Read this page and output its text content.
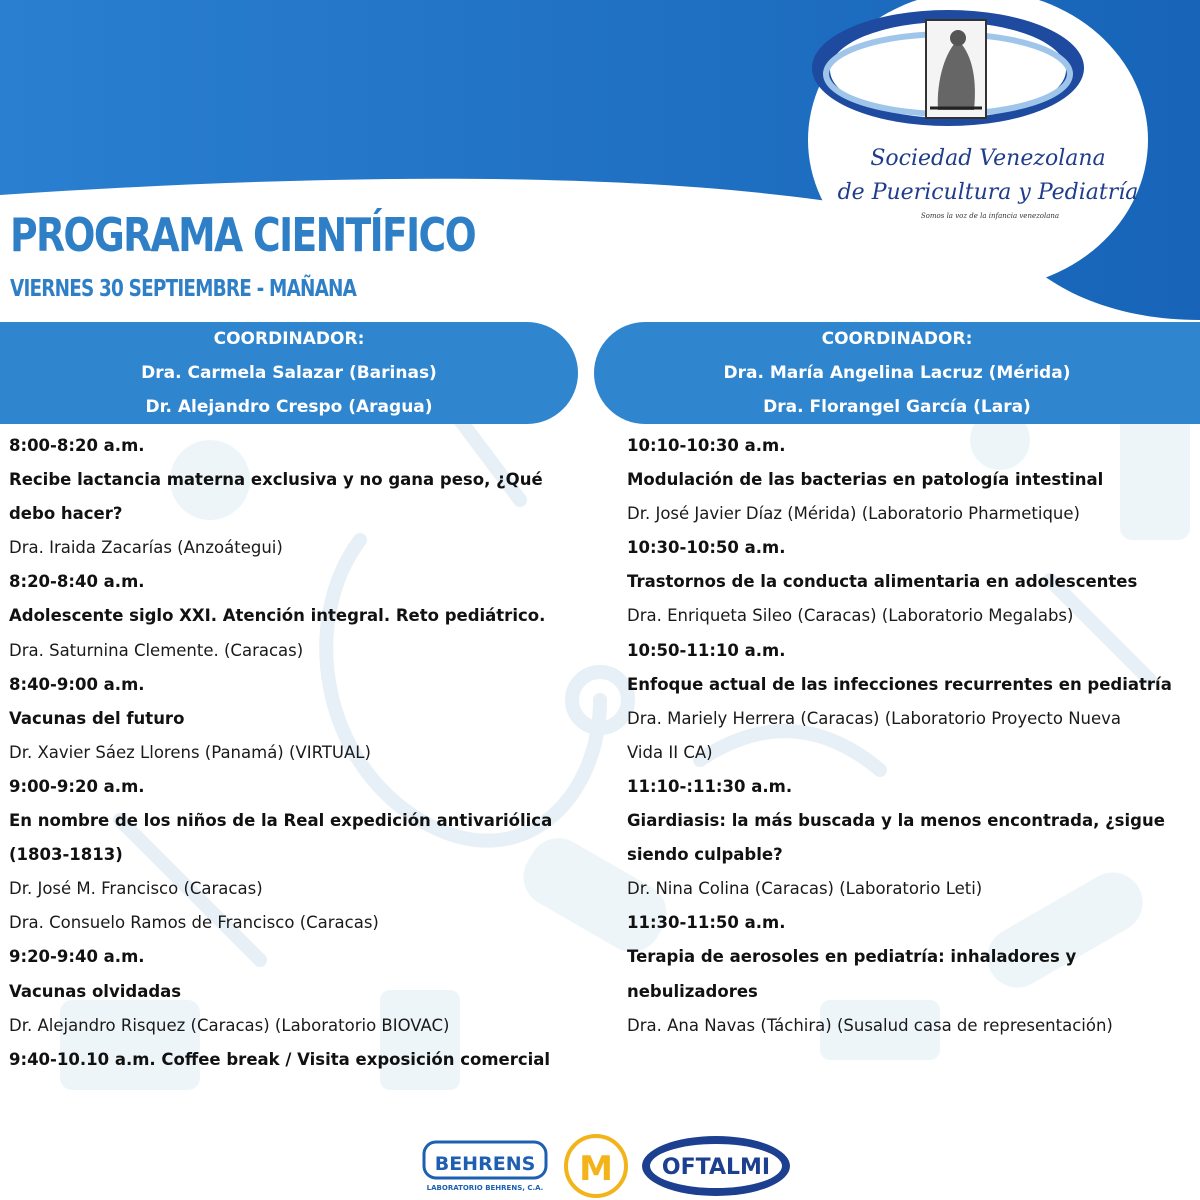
Sociedad Venezolana
de Puericultura y Pediatría
Somos la voz de la infancia venezolana
PROGRAMA CIENTÍFICO
VIERNES 30 SEPTIEMBRE - MAÑANA
COORDINADOR:
Dra. Carmela Salazar (Barinas)
Dr. Alejandro Crespo (Aragua)
COORDINADOR:
Dra. María Angelina Lacruz (Mérida)
Dra. Florangel García (Lara)
8:00-8:20 a.m.
Recibe lactancia materna exclusiva y no gana peso, ¿Qué
debo hacer?
Dra. Iraida Zacarías (Anzoátegui)
8:20-8:40 a.m.
Adolescente siglo XXI. Atención integral. Reto pediátrico.
Dra. Saturnina Clemente. (Caracas)
8:40-9:00 a.m.
Vacunas del futuro
Dr. Xavier Sáez Llorens (Panamá) (VIRTUAL)
9:00-9:20 a.m.
En nombre de los niños de la Real expedición antivariólica
(1803-1813)
Dr. José M. Francisco (Caracas)
Dra. Consuelo Ramos de Francisco (Caracas)
9:20-9:40 a.m.
Vacunas olvidadas
Dr. Alejandro Risquez (Caracas) (Laboratorio BIOVAC)
9:40-10.10 a.m. Coffee break / Visita exposición comercial
10:10-10:30 a.m.
Modulación de las bacterias en patología intestinal
Dr. José Javier Díaz (Mérida) (Laboratorio Pharmetique)
10:30-10:50 a.m.
Trastornos de la conducta alimentaria en adolescentes
Dra. Enriqueta Sileo (Caracas) (Laboratorio Megalabs)
10:50-11:10 a.m.
Enfoque actual de las infecciones recurrentes en pediatría
Dra. Mariely Herrera (Caracas) (Laboratorio Proyecto Nueva
Vida II CA)
11:10-:11:30 a.m.
Giardiasis: la más buscada y la menos encontrada, ¿sigue
siendo culpable?
Dr. Nina Colina (Caracas) (Laboratorio Leti)
11:30-11:50 a.m.
Terapia de aerosoles en pediatría: inhaladores y
nebulizadores
Dra. Ana Navas (Táchira) (Susalud casa de representación)
BEHRENS
LABORATORIO BEHRENS, C.A. M OFTALMI
